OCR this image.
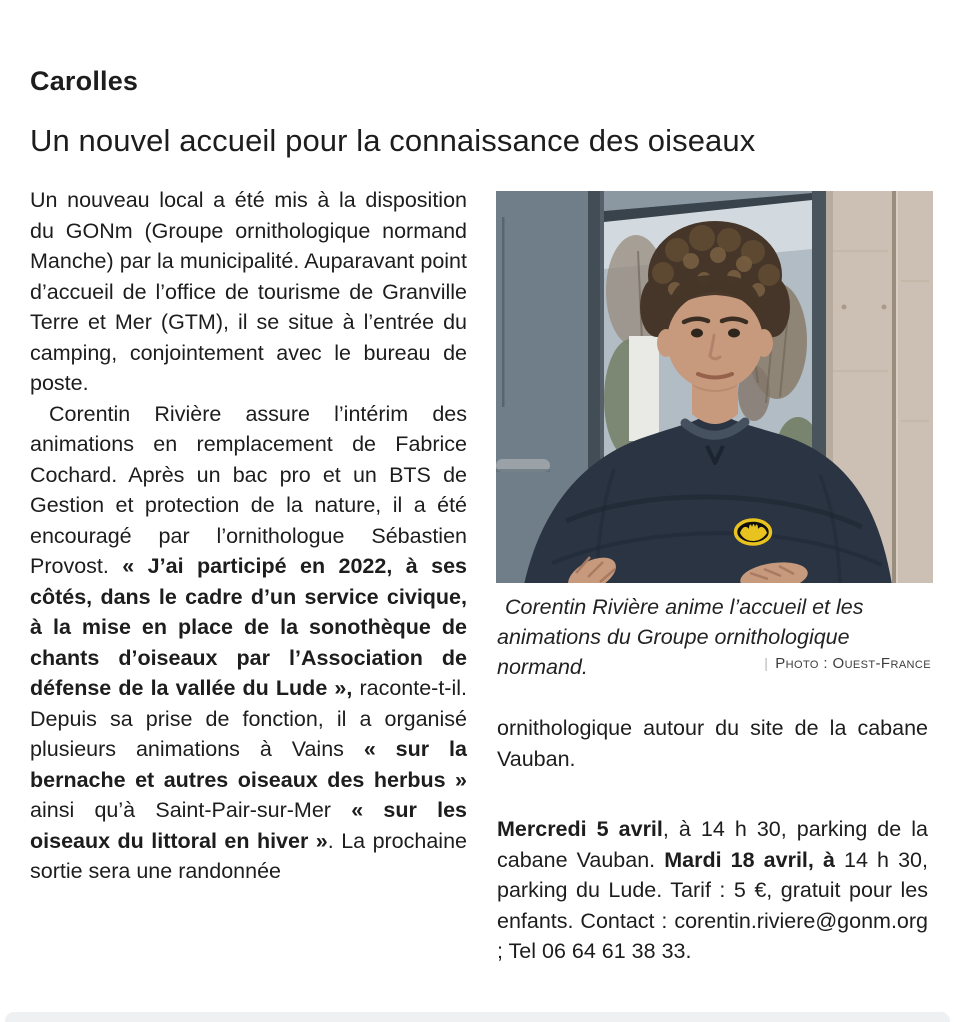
Carolles
Un nouvel accueil pour la connaissance des oiseaux

Un nouveau local a été mis à la disposition du GONm (Groupe ornithologique normand Manche) par la municipalité. Auparavant point d’accueil de l’office de tourisme de Granville Terre et Mer (GTM), il se situe à l’entrée du camping, conjointement avec le bureau de poste.

Corentin Rivière assure l’intérim des animations en remplacement de Fabrice Cochard. Après un bac pro et un BTS de Gestion et protection de la nature, il a été encouragé par l’ornithologue Sébastien Provost. « J’ai participé en 2022, à ses côtés, dans le cadre d’un service civique, à la mise en place de la sonothèque de chants d’oiseaux par l’Association de défense de la vallée du Lude », raconte-t-il. Depuis sa prise de fonction, il a organisé plusieurs animations à Vains « sur la bernache et autres oiseaux des herbus » ainsi qu’à Saint-Pair-sur-Mer « sur les oiseaux du littoral en hiver ». La prochaine sortie sera une randonnée

Corentin Rivière anime l’accueil et les animations du Groupe ornithologique normand.	| Photo : Ouest-France

ornithologique autour du site de la cabane Vauban.

Mercredi 5 avril, à 14 h 30, parking de la cabane Vauban. Mardi 18 avril, à 14 h 30, parking du Lude. Tarif : 5 €, gratuit pour les enfants. Contact : corentin.riviere@gonm.org ; Tel 06 64 61 38 33.
